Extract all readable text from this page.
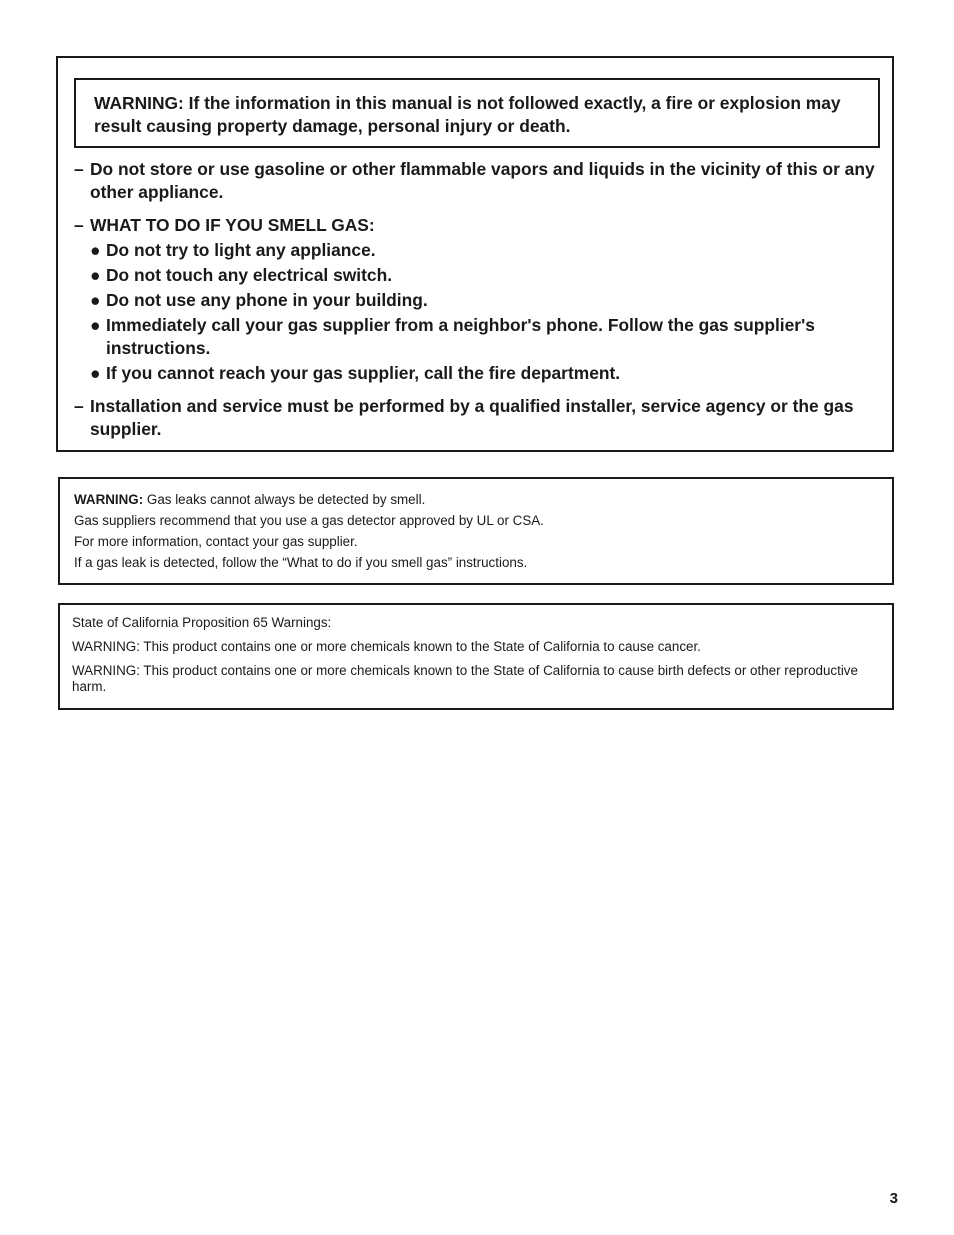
WARNING: If the information in this manual is not followed exactly, a fire or explosion may result causing property damage, personal injury or death.
– Do not store or use gasoline or other flammable vapors and liquids in the vicinity of this or any other appliance.
– WHAT TO DO IF YOU SMELL GAS:
● Do not try to light any appliance.
● Do not touch any electrical switch.
● Do not use any phone in your building.
● Immediately call your gas supplier from a neighbor's phone. Follow the gas supplier's instructions.
● If you cannot reach your gas supplier, call the fire department.
– Installation and service must be performed by a qualified installer, service agency or the gas supplier.
WARNING: Gas leaks cannot always be detected by smell.
Gas suppliers recommend that you use a gas detector approved by UL or CSA.
For more information, contact your gas supplier.
If a gas leak is detected, follow the “What to do if you smell gas” instructions.

State of California Proposition 65 Warnings:

WARNING: This product contains one or more chemicals known to the State of California to cause cancer.

WARNING: This product contains one or more chemicals known to the State of California to cause birth defects or other reproductive harm.

3
